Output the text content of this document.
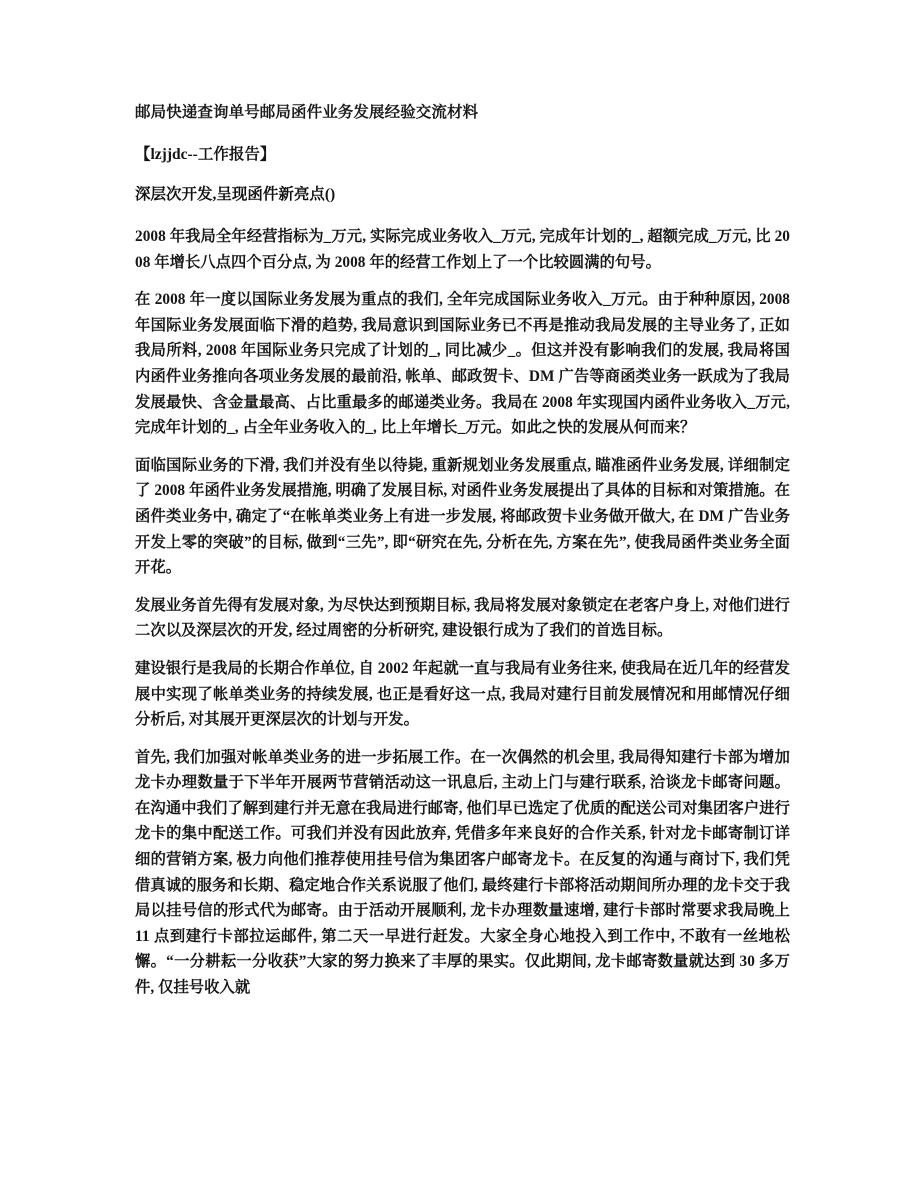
邮局快递查询单号邮局函件业务发展经验交流材料

【lzjjdc--工作报告】

深层次开发,呈现函件新亮点()

2008 年我局全年经营指标为_万元, 实际完成业务收入_万元, 完成年计划的_, 超额完成_万元, 比 2008 年增长八点四个百分点, 为 2008 年的经营工作划上了一个比较圆满的句号。

在 2008 年一度以国际业务发展为重点的我们, 全年完成国际业务收入_万元。由于种种原因, 2008 年国际业务发展面临下滑的趋势, 我局意识到国际业务已不再是推动我局发展的主导业务了, 正如我局所料, 2008 年国际业务只完成了计划的_, 同比减少_。但这并没有影响我们的发展, 我局将国内函件业务推向各项业务发展的最前沿, 帐单、邮政贺卡、DM 广告等商函类业务一跃成为了我局发展最快、含金量最高、占比重最多的邮递类业务。我局在 2008 年实现国内函件业务收入_万元, 完成年计划的_, 占全年业务收入的_, 比上年增长_万元。如此之快的发展从何而来？

面临国际业务的下滑, 我们并没有坐以待毙, 重新规划业务发展重点, 瞄准函件业务发展, 详细制定了 2008 年函件业务发展措施, 明确了发展目标, 对函件业务发展提出了具体的目标和对策措施。在函件类业务中, 确定了“在帐单类业务上有进一步发展, 将邮政贺卡业务做开做大, 在 DM 广告业务开发上零的突破”的目标, 做到“三先”, 即“研究在先, 分析在先, 方案在先”, 使我局函件类业务全面开花。

发展业务首先得有发展对象, 为尽快达到预期目标, 我局将发展对象锁定在老客户身上, 对他们进行二次以及深层次的开发, 经过周密的分析研究, 建设银行成为了我们的首选目标。

建设银行是我局的长期合作单位, 自 2002 年起就一直与我局有业务往来, 使我局在近几年的经营发展中实现了帐单类业务的持续发展, 也正是看好这一点, 我局对建行目前发展情况和用邮情况仔细分析后, 对其展开更深层次的计划与开发。

首先, 我们加强对帐单类业务的进一步拓展工作。在一次偶然的机会里, 我局得知建行卡部为增加龙卡办理数量于下半年开展两节营销活动这一讯息后, 主动上门与建行联系, 洽谈龙卡邮寄问题。在沟通中我们了解到建行并无意在我局进行邮寄, 他们早已选定了优质的配送公司对集团客户进行龙卡的集中配送工作。可我们并没有因此放弃, 凭借多年来良好的合作关系, 针对龙卡邮寄制订详细的营销方案, 极力向他们推荐使用挂号信为集团客户邮寄龙卡。在反复的沟通与商讨下, 我们凭借真诚的服务和长期、稳定地合作关系说服了他们, 最终建行卡部将活动期间所办理的龙卡交于我局以挂号信的形式代为邮寄。由于活动开展顺利, 龙卡办理数量速增, 建行卡部时常要求我局晚上 11 点到建行卡部拉运邮件, 第二天一早进行赶发。大家全身心地投入到工作中, 不敢有一丝地松懈。“一分耕耘一分收获”大家的努力换来了丰厚的果实。仅此期间, 龙卡邮寄数量就达到 30 多万件, 仅挂号收入就
